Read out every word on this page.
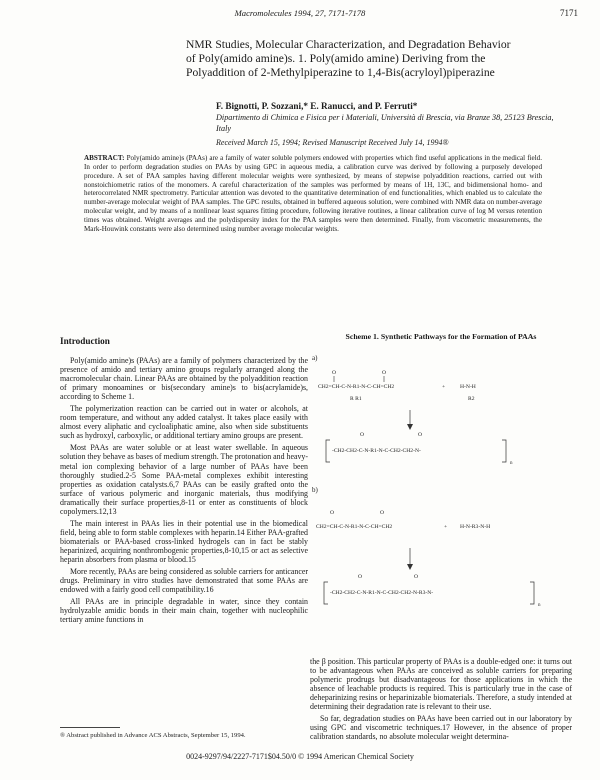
Macromolecules 1994, 27, 7171-7178	7171
NMR Studies, Molecular Characterization, and Degradation Behavior of Poly(amido amine)s. 1. Poly(amido amine) Deriving from the Polyaddition of 2-Methylpiperazine to 1,4-Bis(acryloyl)piperazine
F. Bignotti, P. Sozzani,* E. Ranucci, and P. Ferruti*
Dipartimento di Chimica e Fisica per i Materiali, Università di Brescia, via Branze 38, 25123 Brescia, Italy
Received March 15, 1994; Revised Manuscript Received July 14, 1994®
ABSTRACT: Poly(amido amine)s (PAAs) are a family of water soluble polymers endowed with properties which find useful applications in the medical field. In order to perform degradation studies on PAAs by using GPC in aqueous media, a calibration curve was derived by following a purposely developed procedure. A set of PAA samples having different molecular weights were synthesized, by means of stepwise polyaddition reactions, carried out with nonstoichiometric ratios of the monomers. A careful characterization of the samples was performed by means of 1H, 13C, and bidimensional homo- and heterocorrelated NMR spectrometry. Particular attention was devoted to the quantitative determination of end functionalities, which enabled us to calculate the number-average molecular weight of PAA samples. The GPC results, obtained in buffered aqueous solution, were combined with NMR data on number-average molecular weight, and by means of a nonlinear least squares fitting procedure, following iterative routines, a linear calibration curve of log M versus retention times was obtained. Weight averages and the polydispersity index for the PAA samples were then determined. Finally, from viscometric measurements, the Mark-Houwink constants were also determined using number average molecular weights.
Introduction

Poly(amido amine)s (PAAs) are a family of polymers characterized by the presence of amido and tertiary amino groups regularly arranged along the macromolecular chain. Linear PAAs are obtained by the polyaddition reaction of primary monoamines or bis(secondary amine)s to bis(acrylamide)s, according to Scheme 1.

The polymerization reaction can be carried out in water or alcohols, at room temperature, and without any added catalyst. It takes place easily with almost every aliphatic and cycloaliphatic amine, also when side substituents such as hydroxyl, carboxylic, or additional tertiary amino groups are present.

Most PAAs are water soluble or at least water swellable. In aqueous solution they behave as bases of medium strength. The protonation and heavy-metal ion complexing behavior of a large number of PAAs have been thoroughly studied.2-5 Some PAA-metal complexes exhibit interesting properties as oxidation catalysts.6,7 PAAs can be easily grafted onto the surface of various polymeric and inorganic materials, thus modifying dramatically their surface properties,8-11 or enter as constituents of block copolymers.12,13

The main interest in PAAs lies in their potential use in the biomedical field, being able to form stable complexes with heparin.14 Either PAA-grafted biomaterials or PAA-based cross-linked hydrogels can in fact be stably heparinized, acquiring nonthrombogenic properties,8-10,15 or act as selective heparin absorbers from plasma or blood.15

More recently, PAAs are being considered as soluble carriers for anticancer drugs. Preliminary in vitro studies have demonstrated that some PAAs are endowed with a fairly good cell compatibility.16

All PAAs are in principle degradable in water, since they contain hydrolyzable amidic bonds in their main chain, together with nucleophilic tertiary amine functions in

Scheme 1. Synthetic Pathways for the Formation of PAAs
a)
O	O
CH2=CH-C-N-R1-N-C-CH=CH2
R R1
+	H-N-H
R2
O	O
-CH2-CH2-C-N-R1-N-C-CH2-CH2-N-
n
b)
O	O
CH2=CH-C-N-R1-N-C-CH=CH2	+ H-N-R3-N-H
O	O
-CH2-CH2-C-N-R1-N-C-CH2-CH2-N-R3-N-
n

the β position. This particular property of PAAs is a double-edged one: it turns out to be advantageous when PAAs are conceived as soluble carriers for preparing polymeric prodrugs but disadvantageous for those applications in which the absence of leachable products is required. This is particularly true in the case of deheparinizing resins or heparinizable biomaterials. Therefore, a study intended at determining their degradation rate is relevant to their use.

So far, degradation studies on PAAs have been carried out in our laboratory by using GPC and viscometric techniques.17 However, in the absence of proper calibration standards, no absolute molecular weight determina-

® Abstract published in Advance ACS Abstracts, September 15, 1994.
0024-9297/94/2227-7171$04.50/0 © 1994 American Chemical Society
